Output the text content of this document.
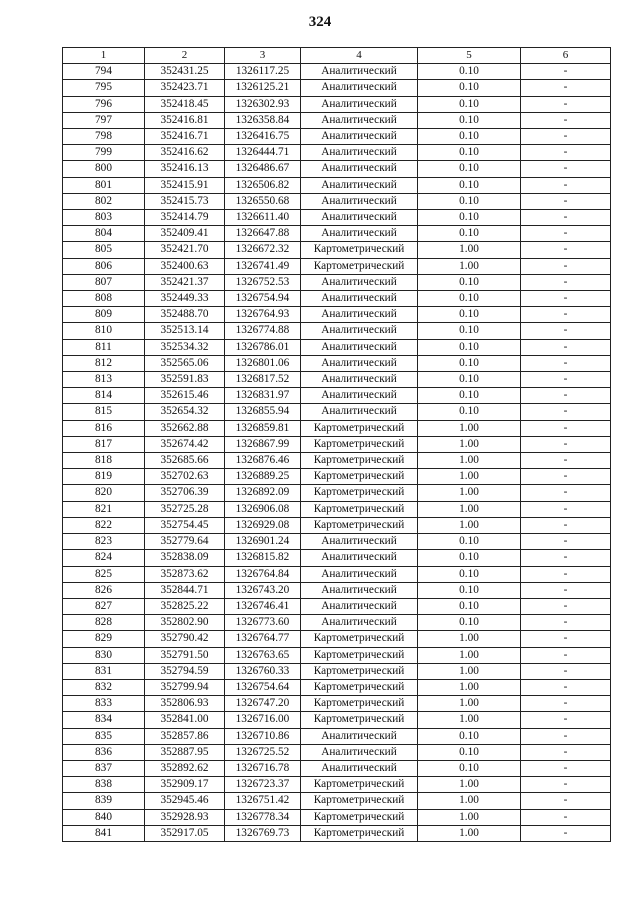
324
1	2	3	4	5	6
794	352431.25	1326117.25	Аналитический	0.10	-
795	352423.71	1326125.21	Аналитический	0.10	-
796	352418.45	1326302.93	Аналитический	0.10	-
797	352416.81	1326358.84	Аналитический	0.10	-
798	352416.71	1326416.75	Аналитический	0.10	-
799	352416.62	1326444.71	Аналитический	0.10	-
800	352416.13	1326486.67	Аналитический	0.10	-
801	352415.91	1326506.82	Аналитический	0.10	-
802	352415.73	1326550.68	Аналитический	0.10	-
803	352414.79	1326611.40	Аналитический	0.10	-
804	352409.41	1326647.88	Аналитический	0.10	-
805	352421.70	1326672.32	Картометрический	1.00	-
806	352400.63	1326741.49	Картометрический	1.00	-
807	352421.37	1326752.53	Аналитический	0.10	-
808	352449.33	1326754.94	Аналитический	0.10	-
809	352488.70	1326764.93	Аналитический	0.10	-
810	352513.14	1326774.88	Аналитический	0.10	-
811	352534.32	1326786.01	Аналитический	0.10	-
812	352565.06	1326801.06	Аналитический	0.10	-
813	352591.83	1326817.52	Аналитический	0.10	-
814	352615.46	1326831.97	Аналитический	0.10	-
815	352654.32	1326855.94	Аналитический	0.10	-
816	352662.88	1326859.81	Картометрический	1.00	-
817	352674.42	1326867.99	Картометрический	1.00	-
818	352685.66	1326876.46	Картометрический	1.00	-
819	352702.63	1326889.25	Картометрический	1.00	-
820	352706.39	1326892.09	Картометрический	1.00	-
821	352725.28	1326906.08	Картометрический	1.00	-
822	352754.45	1326929.08	Картометрический	1.00	-
823	352779.64	1326901.24	Аналитический	0.10	-
824	352838.09	1326815.82	Аналитический	0.10	-
825	352873.62	1326764.84	Аналитический	0.10	-
826	352844.71	1326743.20	Аналитический	0.10	-
827	352825.22	1326746.41	Аналитический	0.10	-
828	352802.90	1326773.60	Аналитический	0.10	-
829	352790.42	1326764.77	Картометрический	1.00	-
830	352791.50	1326763.65	Картометрический	1.00	-
831	352794.59	1326760.33	Картометрический	1.00	-
832	352799.94	1326754.64	Картометрический	1.00	-
833	352806.93	1326747.20	Картометрический	1.00	-
834	352841.00	1326716.00	Картометрический	1.00	-
835	352857.86	1326710.86	Аналитический	0.10	-
836	352887.95	1326725.52	Аналитический	0.10	-
837	352892.62	1326716.78	Аналитический	0.10	-
838	352909.17	1326723.37	Картометрический	1.00	-
839	352945.46	1326751.42	Картометрический	1.00	-
840	352928.93	1326778.34	Картометрический	1.00	-
841	352917.05	1326769.73	Картометрический	1.00	-
